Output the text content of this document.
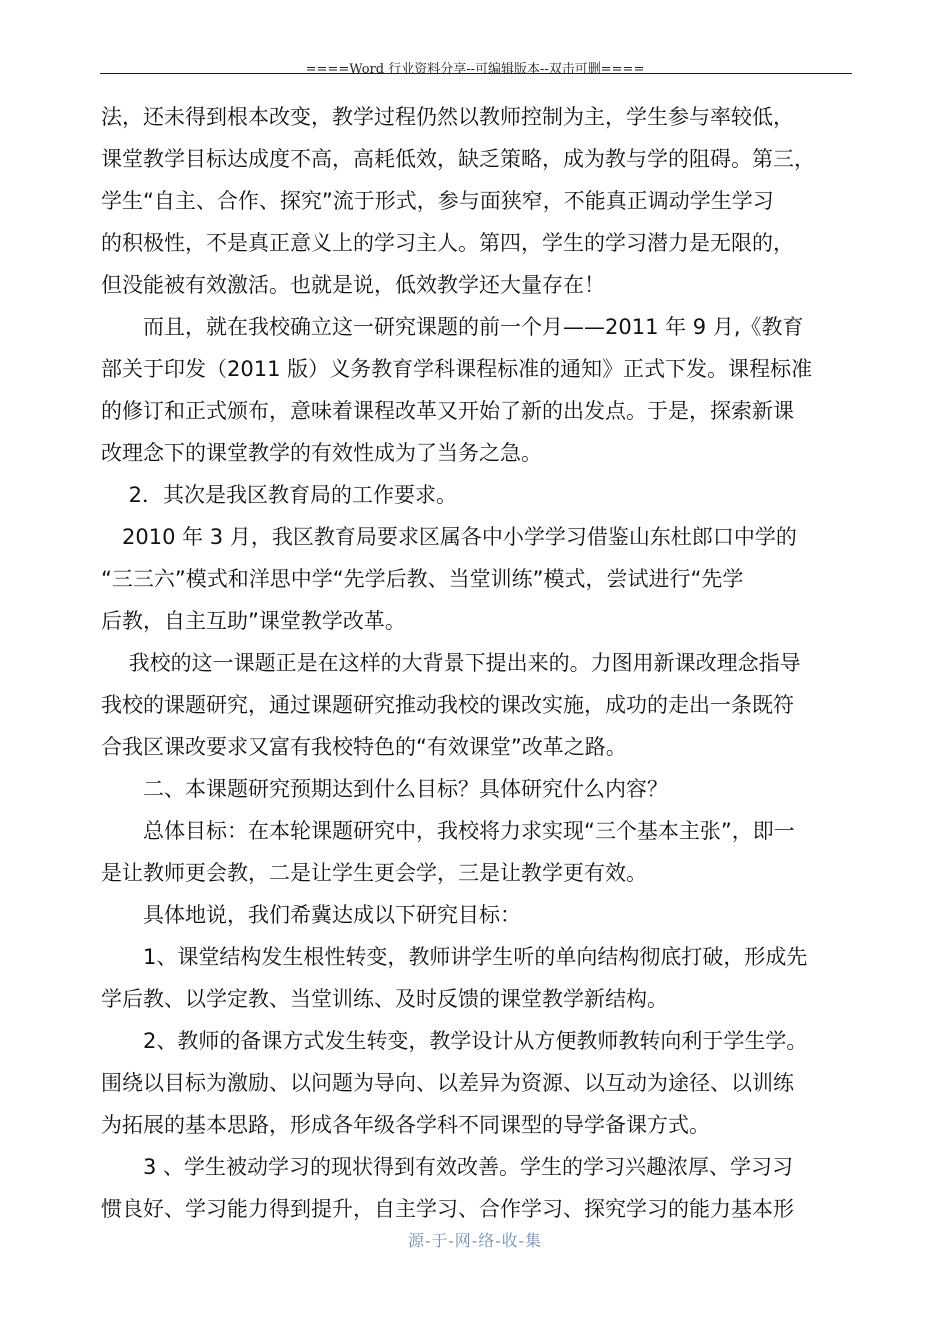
====Word 行业资料分享--可编辑版本--双击可删====
法，还未得到根本改变，教学过程仍然以教师控制为主，学生参与率较低，
课堂教学目标达成度不高，高耗低效，缺乏策略，成为教与学的阻碍。第三，
学生“自主、合作、探究”流于形式，参与面狭窄，不能真正调动学生学习
的积极性，不是真正意义上的学习主人。第四，学生的学习潜力是无限的，
但没能被有效激活。也就是说，低效教学还大量存在！
　　而且，就在我校确立这一研究课题的前一个月——2011 年 9 月,《教育
部关于印发（2011 版）义务教育学科课程标准的通知》正式下发。课程标准
的修订和正式颁布，意味着课程改革又开始了新的出发点。于是，探索新课
改理念下的课堂教学的有效性成为了当务之急。
　 2．其次是我区教育局的工作要求。
　2010 年 3 月，我区教育局要求区属各中小学学习借鉴山东杜郎口中学的
“三三六”模式和洋思中学“先学后教、当堂训练”模式，尝试进行“先学
后教，自主互助”课堂教学改革。
　 我校的这一课题正是在这样的大背景下提出来的。力图用新课改理念指导
我校的课题研究，通过课题研究推动我校的课改实施，成功的走出一条既符
合我区课改要求又富有我校特色的“有效课堂”改革之路。
　　二、本课题研究预期达到什么目标？具体研究什么内容？
　　总体目标：在本轮课题研究中，我校将力求实现“三个基本主张”，即一
是让教师更会教，二是让学生更会学，三是让教学更有效。
　　具体地说，我们希冀达成以下研究目标：
　　1、课堂结构发生根性转变，教师讲学生听的单向结构彻底打破，形成先
学后教、以学定教、当堂训练、及时反馈的课堂教学新结构。
　　2、教师的备课方式发生转变，教学设计从方便教师教转向利于学生学。
围绕以目标为激励、以问题为导向、以差异为资源、以互动为途径、以训练
为拓展的基本思路，形成各年级各学科不同课型的导学备课方式。
　　3 、学生被动学习的现状得到有效改善。学生的学习兴趣浓厚、学习习
惯良好、学习能力得到提升，自主学习、合作学习、探究学习的能力基本形
源-于-网-络-收-集
